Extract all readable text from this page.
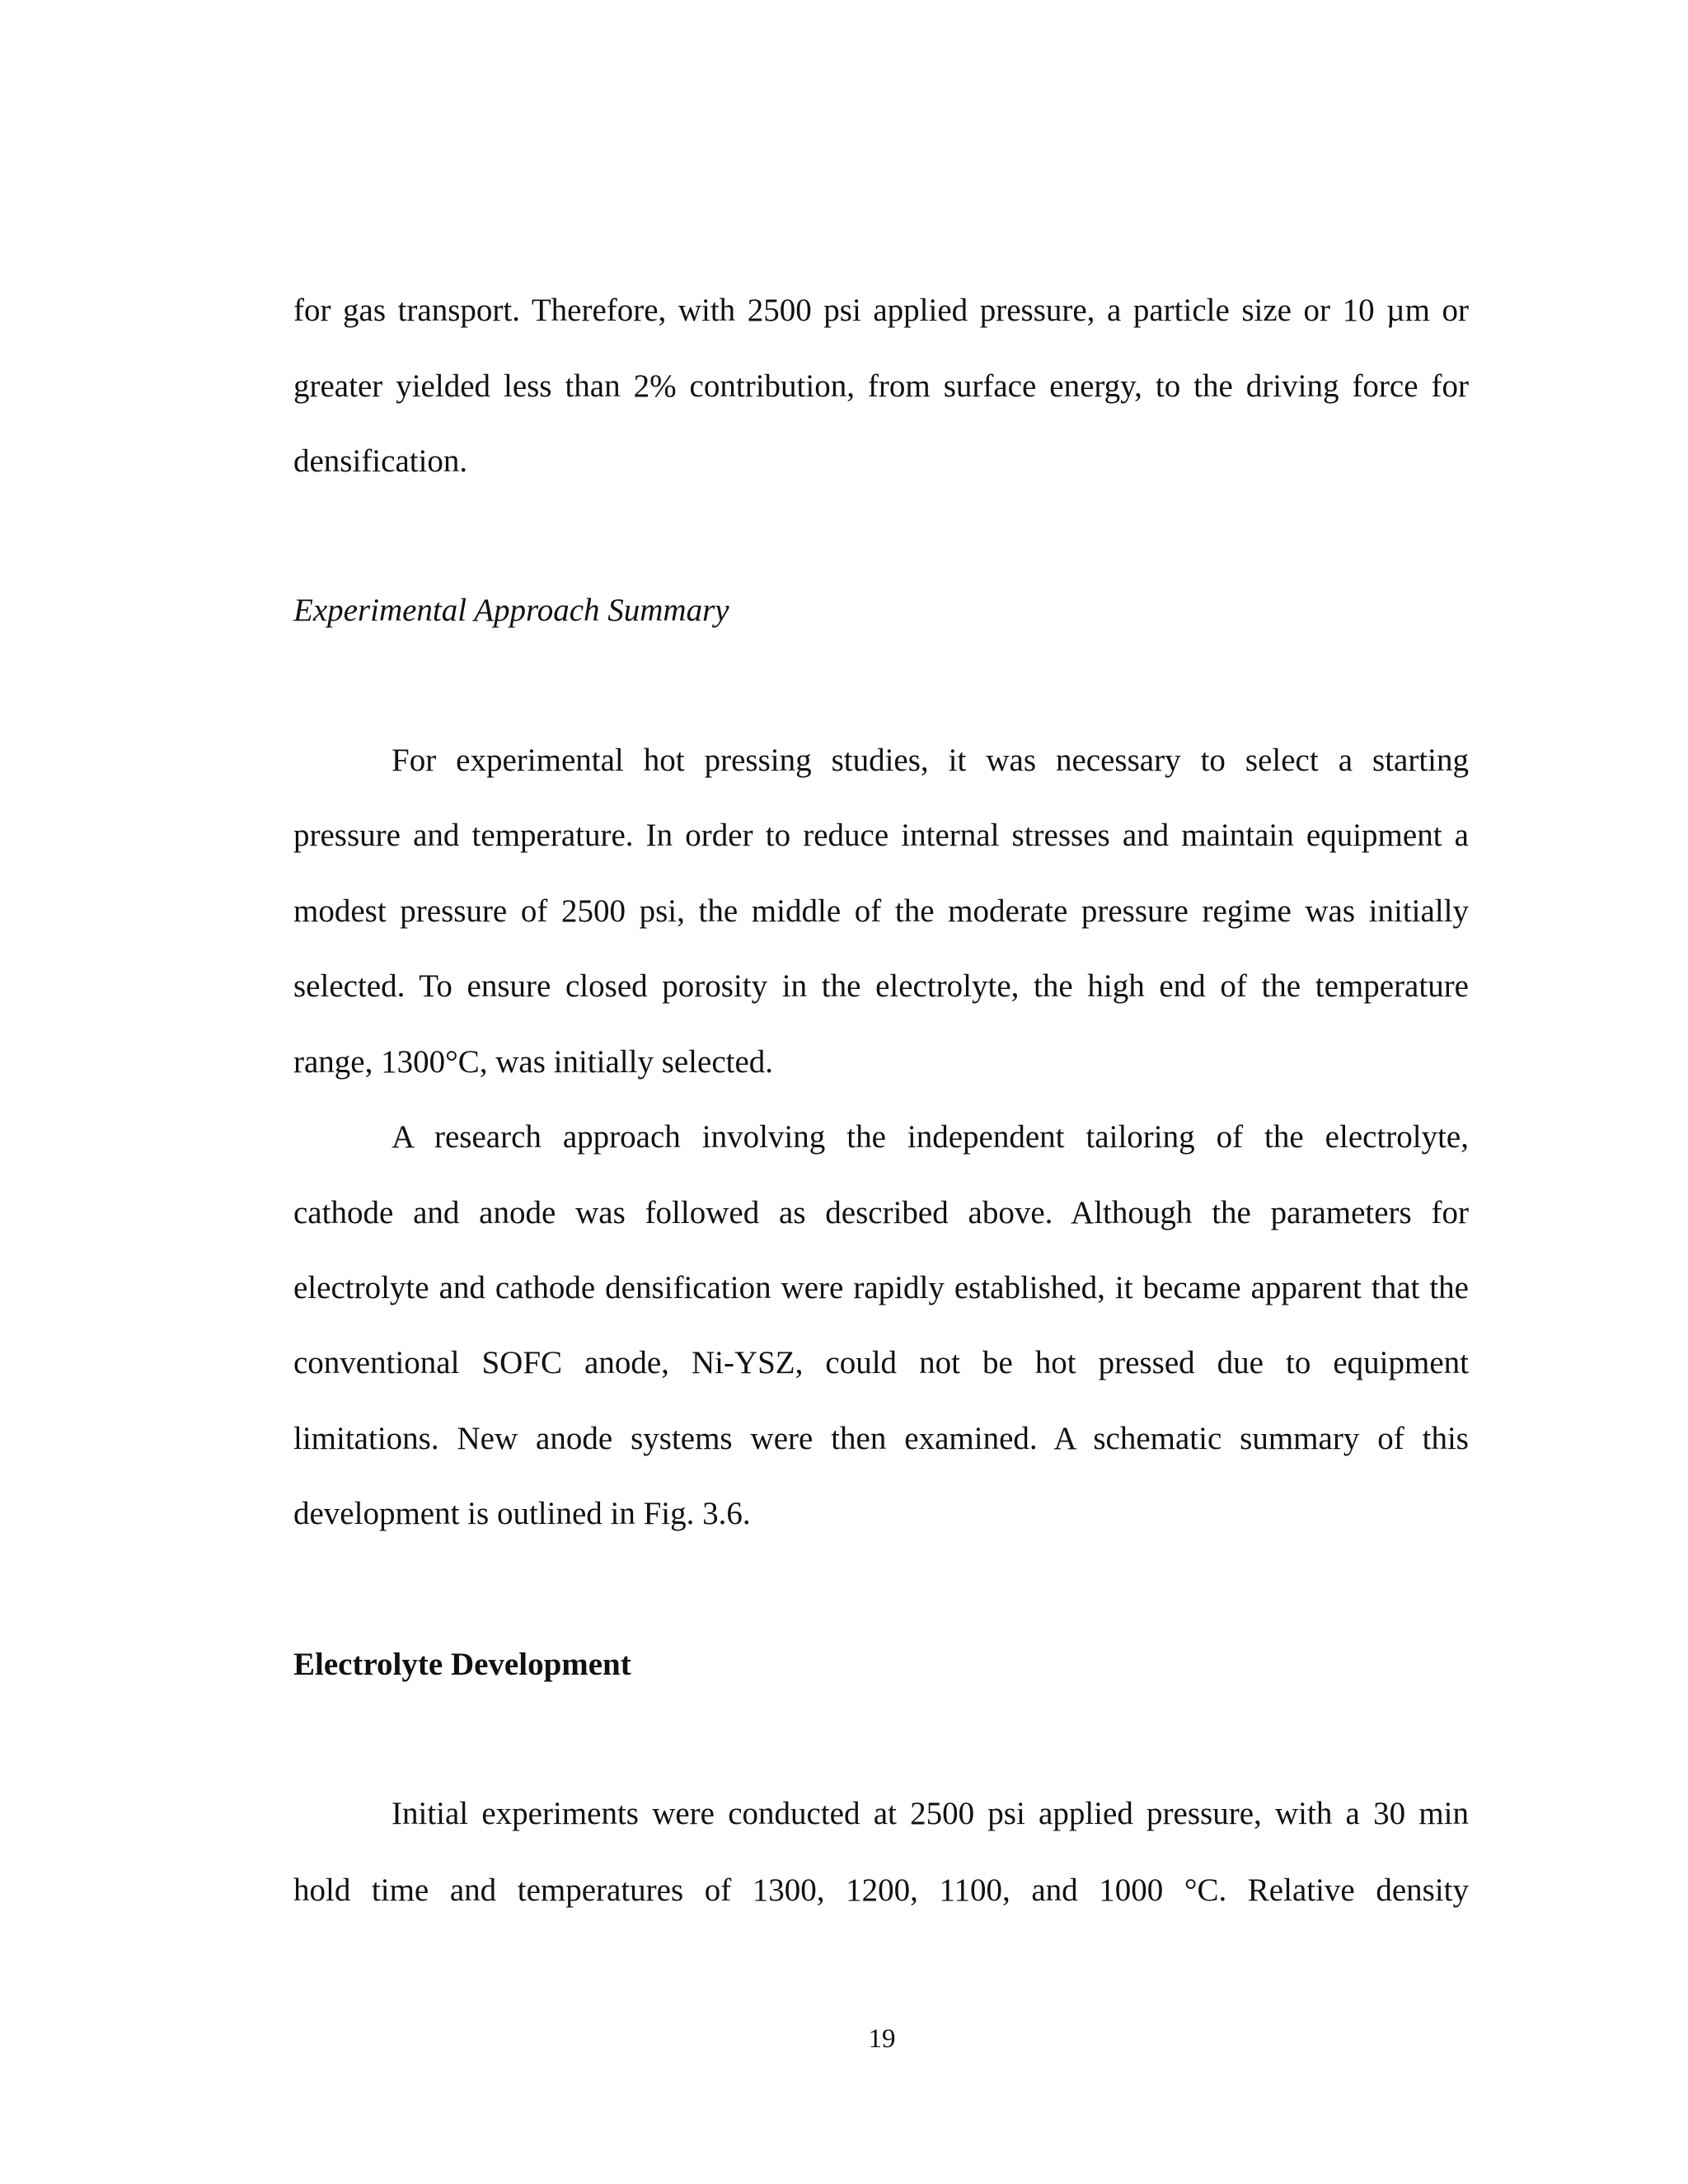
for gas transport. Therefore, with 2500 psi applied pressure, a particle size or 10 µm or
greater yielded less than 2% contribution, from surface energy, to the driving force for
densification.
Experimental Approach Summary
For experimental hot pressing studies, it was necessary to select a starting
pressure and temperature. In order to reduce internal stresses and maintain equipment a
modest pressure of 2500 psi, the middle of the moderate pressure regime was initially
selected. To ensure closed porosity in the electrolyte, the high end of the temperature
range, 1300°C, was initially selected.
A research approach involving the independent tailoring of the electrolyte,
cathode and anode was followed as described above. Although the parameters for
electrolyte and cathode densification were rapidly established, it became apparent that the
conventional SOFC anode, Ni-YSZ, could not be hot pressed due to equipment
limitations. New anode systems were then examined. A schematic summary of this
development is outlined in Fig. 3.6.
Electrolyte Development
Initial experiments were conducted at 2500 psi applied pressure, with a 30 min
hold time and temperatures of 1300, 1200, 1100, and 1000 °C. Relative density
19
